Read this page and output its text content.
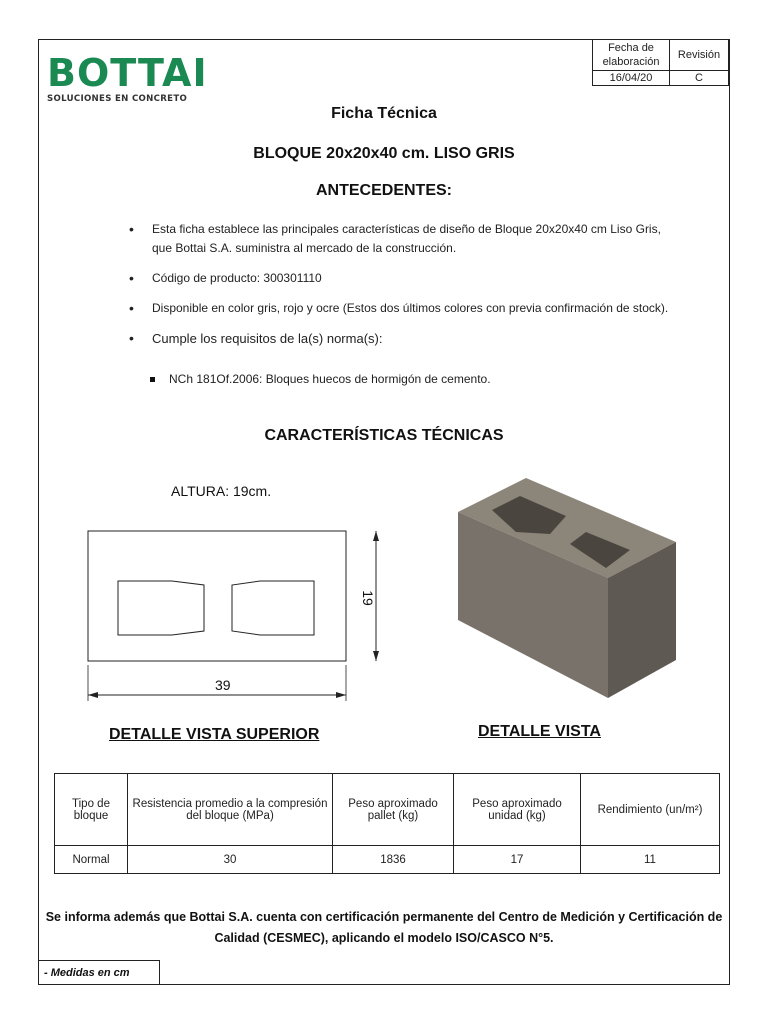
BOTTAI
SOLUCIONES EN CONCRETO
Fecha de elaboración	Revisión
16/04/20	C
Ficha Técnica
BLOQUE 20x20x40 cm. LISO GRIS
ANTECEDENTES:
• Esta ficha establece las principales características de diseño de Bloque 20x20x40 cm Liso Gris, que Bottai S.A. suministra al mercado de la construcción.
• Código de producto: 300301110
• Disponible en color gris, rojo y ocre (Estos dos últimos colores con previa confirmación de stock).
• Cumple los requisitos de la(s) norma(s):
NCh 181Of.2006: Bloques huecos de hormigón de cemento.
CARACTERÍSTICAS TÉCNICAS
ALTURA: 19cm.
39
19
DETALLE VISTA SUPERIOR	DETALLE VISTA
Tipo de bloque	Resistencia promedio a la compresión del bloque (MPa)	Peso aproximado pallet (kg)	Peso aproximado unidad (kg)	Rendimiento (un/m²)
Normal	30	1836	17	11
Se informa además que Bottai S.A. cuenta con certificación permanente del Centro de Medición y Certificación de Calidad (CESMEC), aplicando el modelo ISO/CASCO N°5.
- Medidas en cm
